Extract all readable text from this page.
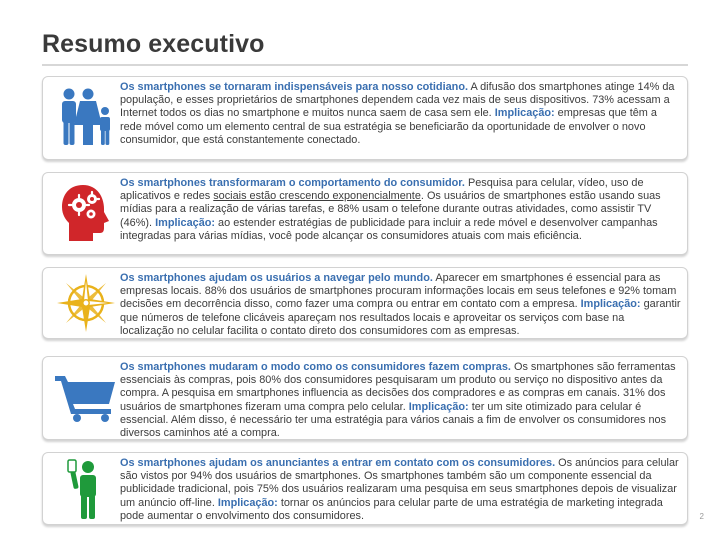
Resumo executivo
Os smartphones se tornaram indispensáveis para nosso cotidiano. A difusão dos smartphones atinge 14% da população, e esses proprietários de smartphones dependem cada vez mais de seus dispositivos. 73% acessam a Internet todos os dias no smartphone e muitos nunca saem de casa sem ele. Implicação: empresas que têm a rede móvel como um elemento central de sua estratégia se beneficiarão da oportunidade de envolver o novo consumidor, que está constantemente conectado.
Os smartphones transformaram o comportamento do consumidor. Pesquisa para celular, vídeo, uso de aplicativos e redes sociais estão crescendo exponencialmente. Os usuários de smartphones estão usando suas mídias para a realização de várias tarefas, e 88% usam o telefone durante outras atividades, como assistir TV (46%). Implicação: ao estender estratégias de publicidade para incluir a rede móvel e desenvolver campanhas integradas para várias mídias, você pode alcançar os consumidores atuais com mais eficiência.
Os smartphones ajudam os usuários a navegar pelo mundo. Aparecer em smartphones é essencial para as empresas locais. 88% dos usuários de smartphones procuram informações locais em seus telefones e 92% tomam decisões em decorrência disso, como fazer uma compra ou entrar em contato com a empresa. Implicação: garantir que números de telefone clicáveis apareçam nos resultados locais e aproveitar os serviços com base na localização no celular facilita o contato direto dos consumidores com as empresas.
Os smartphones mudaram o modo como os consumidores fazem compras. Os smartphones são ferramentas essenciais às compras, pois 80% dos consumidores pesquisaram um produto ou serviço no dispositivo antes da compra. A pesquisa em smartphones influencia as decisões dos compradores e as compras em canais. 31% dos usuários de smartphones fizeram uma compra pelo celular. Implicação: ter um site otimizado para celular é essencial. Além disso, é necessário ter uma estratégia para vários canais a fim de envolver os consumidores nos diversos caminhos até a compra.
Os smartphones ajudam os anunciantes a entrar em contato com os consumidores. Os anúncios para celular são vistos por 94% dos usuários de smartphones. Os smartphones também são um componente essencial da publicidade tradicional, pois 75% dos usuários realizaram uma pesquisa em seus smartphones depois de visualizar um anúncio off-line. Implicação: tornar os anúncios para celular parte de uma estratégia de marketing integrada pode aumentar o envolvimento dos consumidores.	2
